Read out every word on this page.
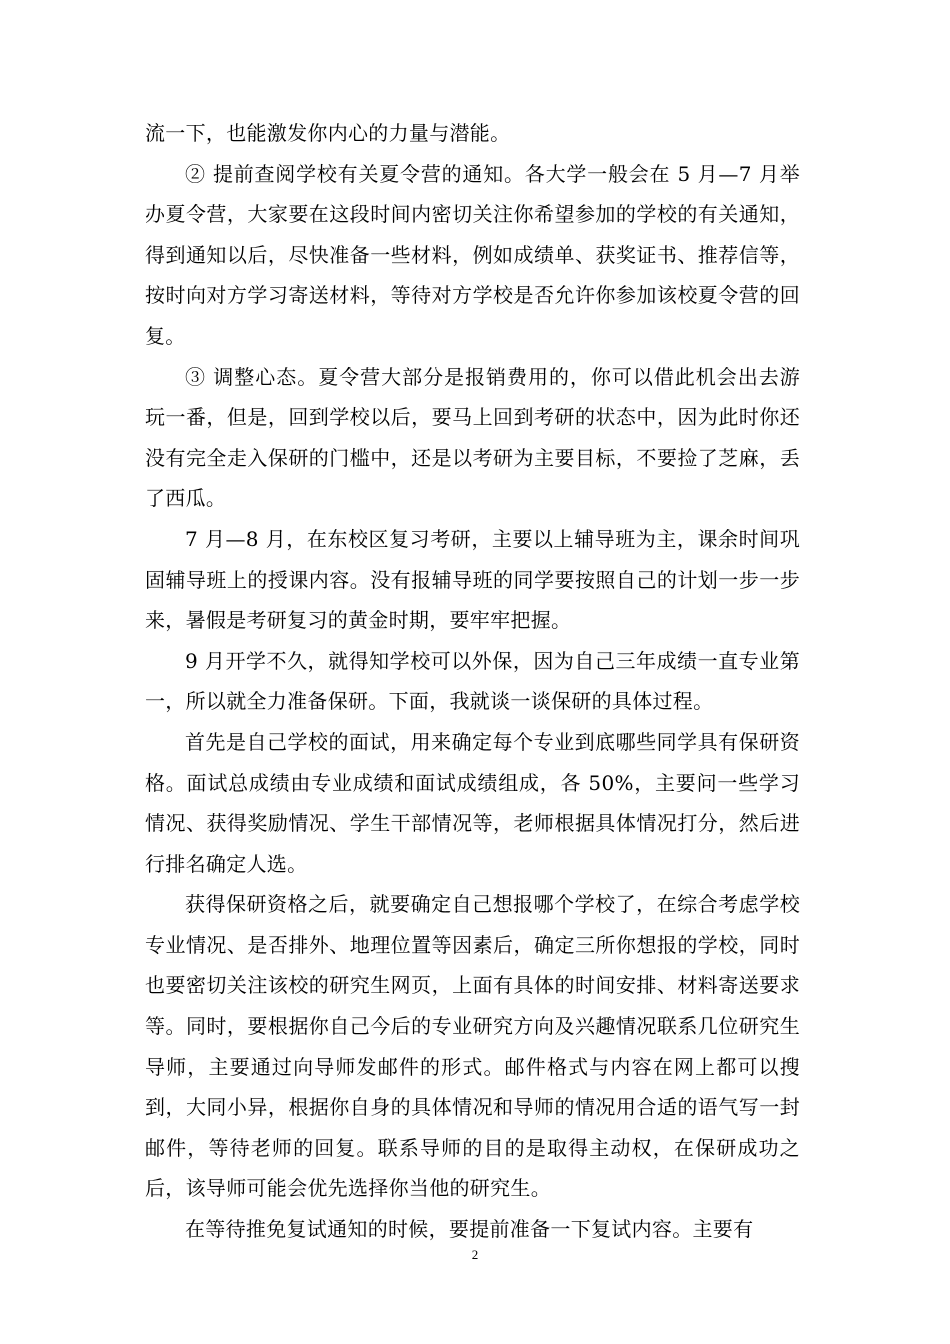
流一下，也能激发你内心的力量与潜能。

② 提前查阅学校有关夏令营的通知。各大学一般会在 5 月—7 月举办夏令营，大家要在这段时间内密切关注你希望参加的学校的有关通知，得到通知以后，尽快准备一些材料，例如成绩单、获奖证书、推荐信等，按时向对方学习寄送材料，等待对方学校是否允许你参加该校夏令营的回复。

③ 调整心态。夏令营大部分是报销费用的，你可以借此机会出去游玩一番，但是，回到学校以后，要马上回到考研的状态中，因为此时你还没有完全走入保研的门槛中，还是以考研为主要目标，不要捡了芝麻，丢了西瓜。

7 月—8 月，在东校区复习考研，主要以上辅导班为主，课余时间巩固辅导班上的授课内容。没有报辅导班的同学要按照自己的计划一步一步来，暑假是考研复习的黄金时期，要牢牢把握。

9 月开学不久，就得知学校可以外保，因为自己三年成绩一直专业第一，所以就全力准备保研。下面，我就谈一谈保研的具体过程。

首先是自己学校的面试，用来确定每个专业到底哪些同学具有保研资格。面试总成绩由专业成绩和面试成绩组成，各 50%，主要问一些学习情况、获得奖励情况、学生干部情况等，老师根据具体情况打分，然后进行排名确定人选。

获得保研资格之后，就要确定自己想报哪个学校了，在综合考虑学校专业情况、是否排外、地理位置等因素后，确定三所你想报的学校，同时也要密切关注该校的研究生网页，上面有具体的时间安排、材料寄送要求等。同时，要根据你自己今后的专业研究方向及兴趣情况联系几位研究生导师，主要通过向导师发邮件的形式。邮件格式与内容在网上都可以搜到，大同小异，根据你自身的具体情况和导师的情况用合适的语气写一封邮件，等待老师的回复。联系导师的目的是取得主动权，在保研成功之后，该导师可能会优先选择你当他的研究生。

在等待推免复试通知的时候，要提前准备一下复试内容。主要有

2
